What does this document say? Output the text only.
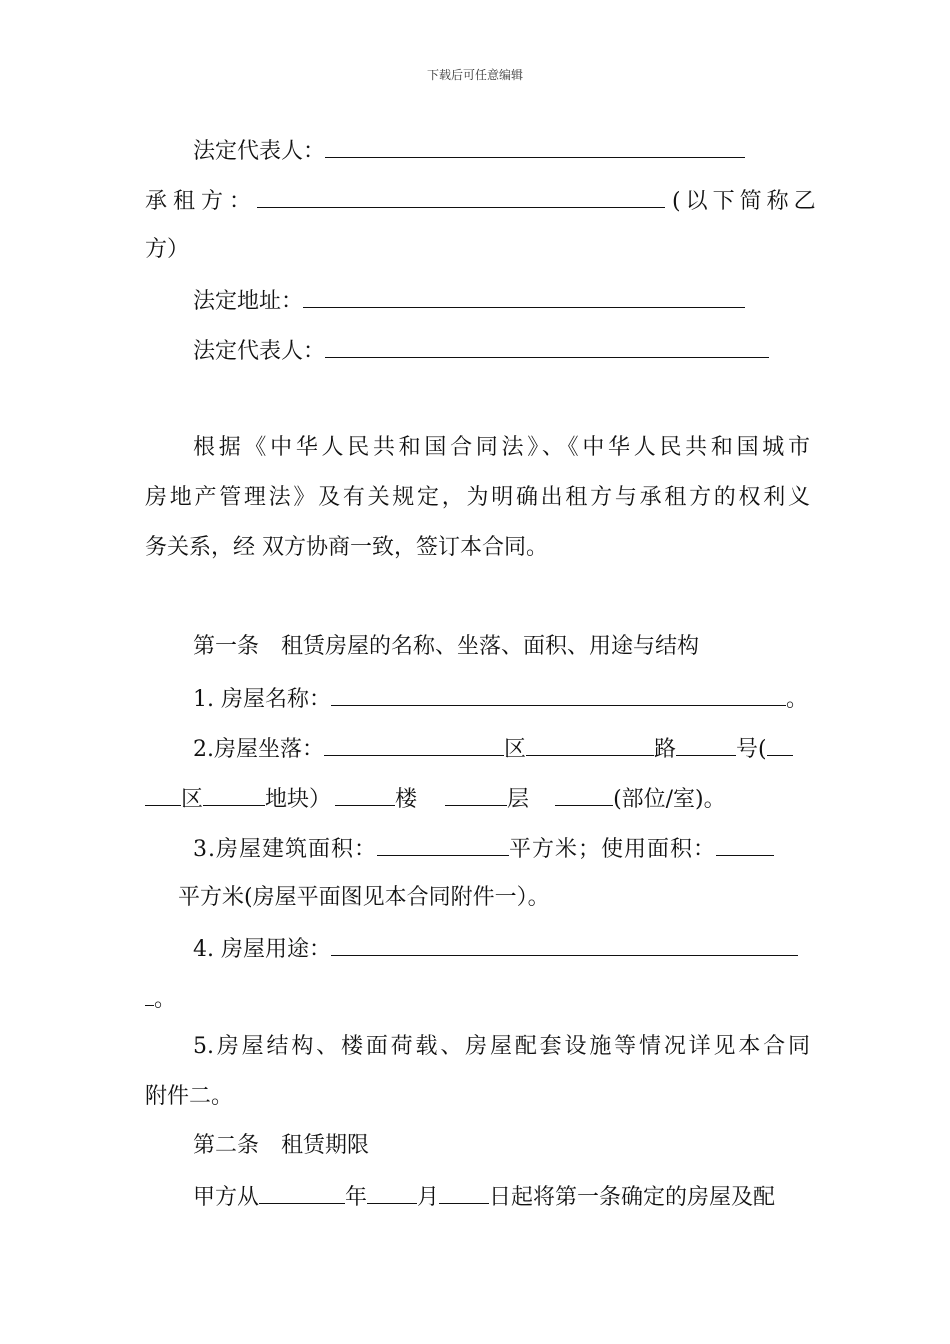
下载后可任意编辑
法定代表人：
承租方：	(以下简称乙
方）
法定地址：
法定代表人：
根据《中华人民共和国合同法》、《中华人民共和国城市
房地产管理法》及有关规定，为明确出租方与承租方的权利义
务关系，经 双方协商一致，签订本合同。
第一条　租赁房屋的名称、坐落、面积、用途与结构
1. 房屋名称：	。
2.房屋坐落：	区	路	号(
区	地块）	楼	层	(部位/室)。
3.房屋建筑面积：	平方米；使用面积：
平方米(房屋平面图见本合同附件一）。
4. 房屋用途：
。
5.房屋结构、楼面荷载、房屋配套设施等情况详见本合同
附件二。
第二条　租赁期限
甲方从	年 月 日起将第一条确定的房屋及配
